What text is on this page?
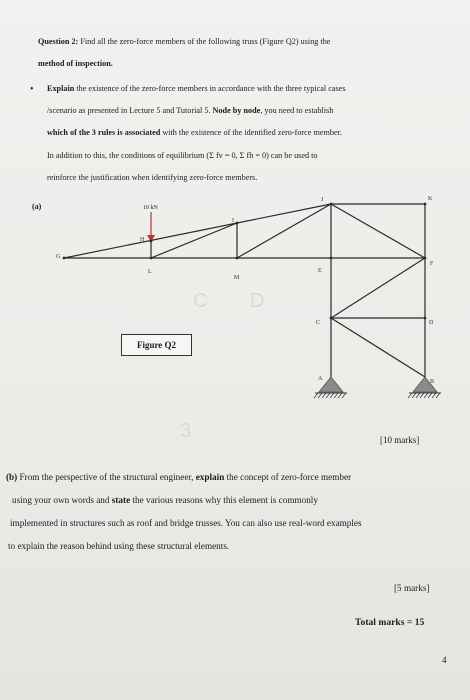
Question 2: Find all the zero-force members of the following truss (Figure Q2) using the
method of inspection.
• Explain the existence of the zero-force members in accordance with the three typical cases
/scenario as presented in Lecture 5 and Tutorial 5. Node by node, you need to establish
which of the 3 rules is associated with the existence of the identified zero-force member.
In addition to this, the conditions of equilibrium (Σ fv = 0, Σ fh = 0) can be used to
reinforce the justification when identifying zero-force members.
(a)
C D
3
10 kN
G
H
L
I
M
J
E
K
F
C	D
A	B
Figure Q2
[10 marks]
(b) From the perspective of the structural engineer, explain the concept of zero-force member
using your own words and state the various reasons why this element is commonly
implemented in structures such as roof and bridge trusses. You can also use real-word examples
to explain the reason behind using these structural elements.
[5 marks]
Total marks = 15
4
